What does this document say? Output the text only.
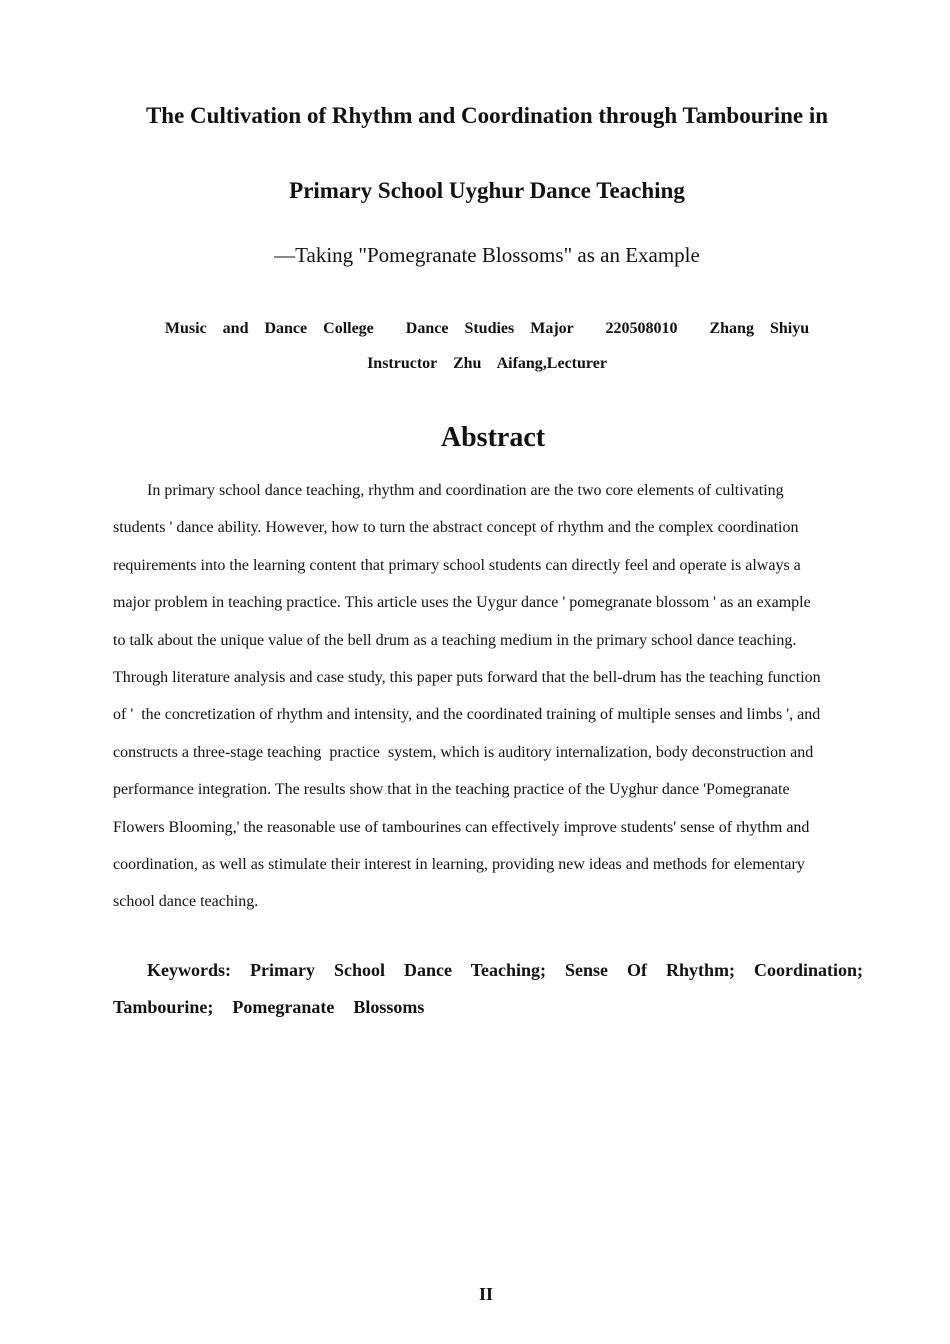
The Cultivation of Rhythm and Coordination through Tambourine in
Primary School Uyghur Dance Teaching
—Taking "Pomegranate Blossoms" as an Example
Music  and  Dance  College    Dance  Studies  Major    220508010    Zhang  Shiyu
Instructor  Zhu  Aifang,Lecturer
Abstract
In primary school dance teaching, rhythm and coordination are the two core elements of cultivating
students ' dance ability. However, how to turn the abstract concept of rhythm and the complex coordination
requirements into the learning content that primary school students can directly feel and operate is always a
major problem in teaching practice. This article uses the Uygur dance ' pomegranate blossom ' as an example
to talk about the unique value of the bell drum as a teaching medium in the primary school dance teaching.
Through literature analysis and case study, this paper puts forward that the bell-drum has the teaching function
of '  the concretization of rhythm and intensity, and the coordinated training of multiple senses and limbs ', and
constructs a three-stage teaching  practice  system, which is auditory internalization, body deconstruction and
performance integration. The results show that in the teaching practice of the Uyghur dance 'Pomegranate
Flowers Blooming,' the reasonable use of tambourines can effectively improve students' sense of rhythm and
coordination, as well as stimulate their interest in learning, providing new ideas and methods for elementary
school dance teaching.
Keywords:  Primary  School  Dance  Teaching;  Sense  Of  Rhythm;  Coordination;
Tambourine;  Pomegranate  Blossoms
II
